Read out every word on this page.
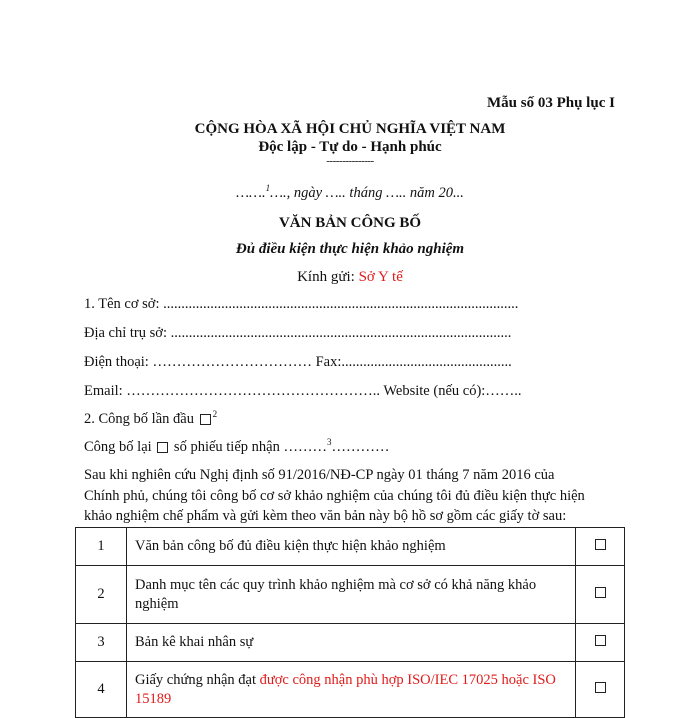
Mẫu số 03 Phụ lục I
CỘNG HÒA XÃ HỘI CHỦ NGHĨA VIỆT NAM
Độc lập - Tự do - Hạnh phúc
---------------
…….$^1$…., ngày ….. tháng ….. năm 20...
VĂN BẢN CÔNG BỐ
Đủ điều kiện thực hiện khảo nghiệm
Kính gửi: Sở Y tế
1. Tên cơ sở: ..................................................................................................
Địa chỉ trụ sở: ..............................................................................................
Điện thoại: …………………………… Fax:...............................................
Email: …………………………………………….. Website (nếu có):……..
2. Công bố lần đầu $^2$
Công bố lại  số phiếu tiếp nhận ………$^3$…………
Sau khi nghiên cứu Nghị định số 91/2016/NĐ-CP ngày 01 tháng 7 năm 2016 của
Chính phủ, chúng tôi công bố cơ sở khảo nghiệm của chúng tôi đủ điều kiện thực hiện
khảo nghiệm chế phẩm và gửi kèm theo văn bản này bộ hồ sơ gồm các giấy tờ sau:
1	Văn bản công bố đủ điều kiện thực hiện khảo nghiệm	
2	Danh mục tên các quy trình khảo nghiệm mà cơ sở có khả năng khảo nghiệm	
3	Bản kê khai nhân sự	
4	Giấy chứng nhận đạt được công nhận phù hợp ISO/IEC 17025 hoặc ISO 15189	
